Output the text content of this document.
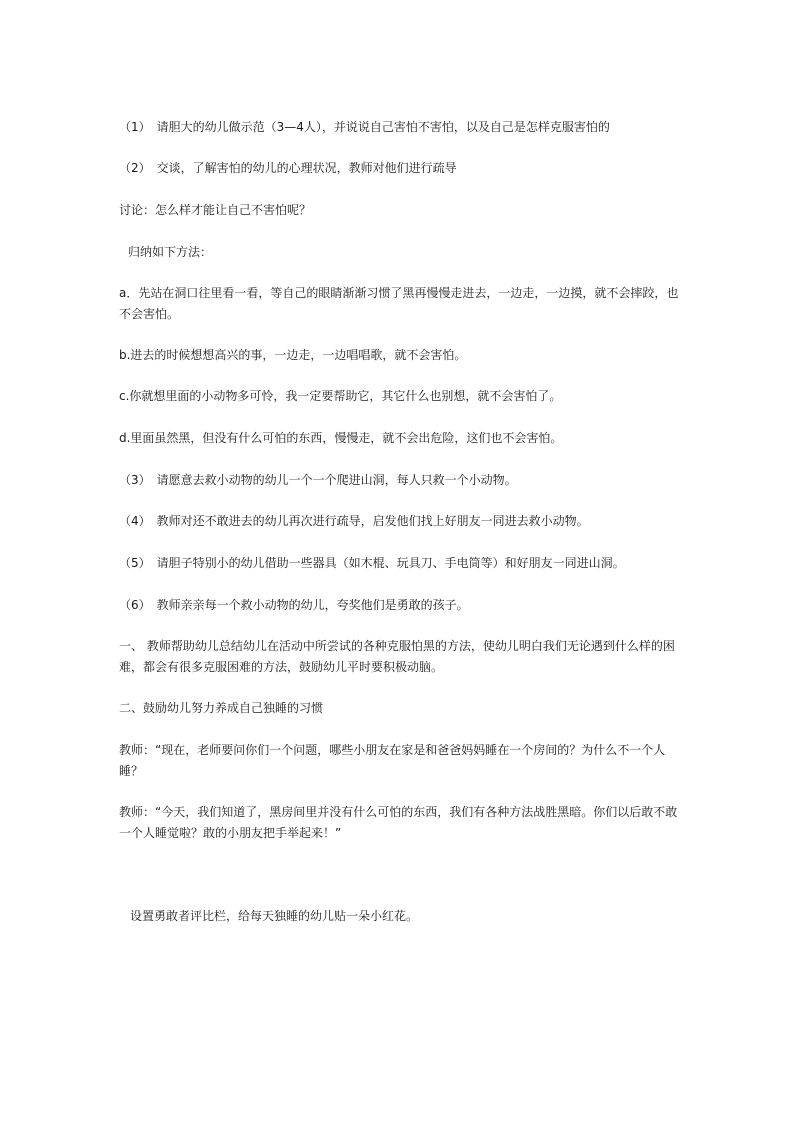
（1）　请胆大的幼儿做示范（3—4人），并说说自己害怕不害怕，以及自己是怎样克服害怕的

（2）　交谈，了解害怕的幼儿的心理状况，教师对他们进行疏导

讨论：怎么样才能让自己不害怕呢？

归纳如下方法：

a．先站在洞口往里看一看，等自己的眼睛渐渐习惯了黑再慢慢走进去，一边走，一边摸，就不会摔跤，也不会害怕。

b.进去的时候想想高兴的事，一边走，一边唱唱歌，就不会害怕。

c.你就想里面的小动物多可怜，我一定要帮助它，其它什么也别想，就不会害怕了。

d.里面虽然黑，但没有什么可怕的东西，慢慢走，就不会出危险，这们也不会害怕。

（3）　请愿意去救小动物的幼儿一个一个爬进山洞，每人只救一个小动物。

（4）　教师对还不敢进去的幼儿再次进行疏导，启发他们找上好朋友一同进去救小动物。

（5）　请胆子特别小的幼儿借助一些器具（如木棍、玩具刀、手电筒等）和好朋友一同进山洞。

（6）　教师亲亲每一个救小动物的幼儿，夸奖他们是勇敢的孩子。

一、 教师帮助幼儿总结幼儿在活动中所尝试的各种克服怕黑的方法，使幼儿明白我们无论遇到什么样的困难，都会有很多克服困难的方法，鼓励幼儿平时要积极动脑。

二、鼓励幼儿努力养成自己独睡的习惯

教师：“现在，老师要问你们一个问题，哪些小朋友在家是和爸爸妈妈睡在一个房间的？为什么不一个人睡？

教师：“今天，我们知道了，黑房间里并没有什么可怕的东西，我们有各种方法战胜黑暗。你们以后敢不敢一个人睡觉啦？敢的小朋友把手举起来！”

设置勇敢者评比栏，给每天独睡的幼儿贴一朵小红花。
